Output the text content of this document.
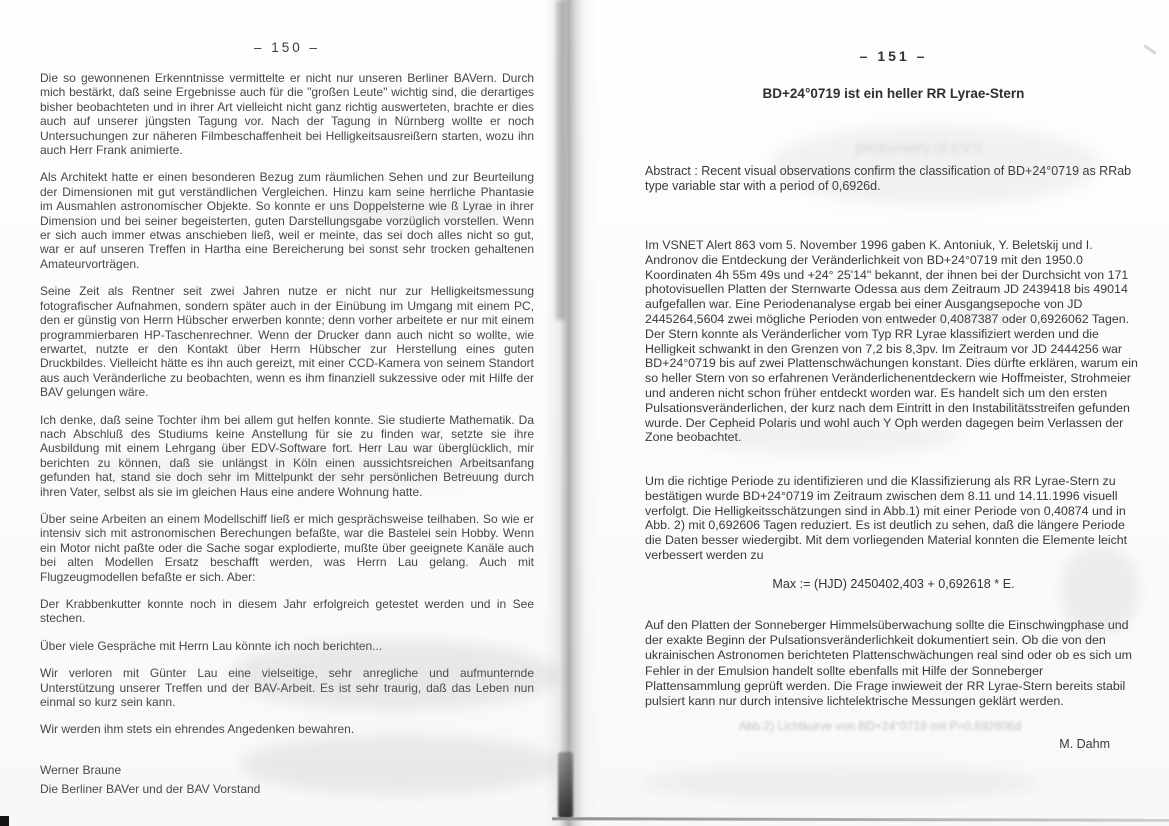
– 150 –

Die so gewonnenen Erkenntnisse vermittelte er nicht nur unseren Berliner BAVern. Durch mich bestärkt, daß seine Ergebnisse auch für die "großen Leute" wichtig sind, die derartiges bisher beobachteten und in ihrer Art vielleicht nicht ganz richtig auswerteten, brachte er dies auch auf unserer jüngsten Tagung vor. Nach der Tagung in Nürnberg wollte er noch Untersuchungen zur näheren Filmbeschaffenheit bei Helligkeitsausreißern starten, wozu ihn auch Herr Frank animierte.

Als Architekt hatte er einen besonderen Bezug zum räumlichen Sehen und zur Beurteilung der Dimensionen mit gut verständlichen Vergleichen. Hinzu kam seine herrliche Phantasie im Ausmahlen astronomischer Objekte. So konnte er uns Doppelsterne wie ß Lyrae in ihrer Dimension und bei seiner begeisterten, guten Darstellungsgabe vorzüglich vorstellen. Wenn er sich auch immer etwas anschieben ließ, weil er meinte, das sei doch alles nicht so gut, war er auf unseren Treffen in Hartha eine Bereicherung bei sonst sehr trocken gehaltenen Amateurvorträgen.

Seine Zeit als Rentner seit zwei Jahren nutze er nicht nur zur Helligkeitsmessung fotografischer Aufnahmen, sondern später auch in der Einübung im Umgang mit einem PC, den er günstig von Herrn Hübscher erwerben konnte; denn vorher arbeitete er nur mit einem programmierbaren HP-Taschenrechner. Wenn der Drucker dann auch nicht so wollte, wie erwartet, nutzte er den Kontakt über Herrn Hübscher zur Herstellung eines guten Druckbildes. Vielleicht hätte es ihn auch gereizt, mit einer CCD-Kamera von seinem Standort aus auch Veränderliche zu beobachten, wenn es ihm finanziell sukzessive oder mit Hilfe der BAV gelungen wäre.

Ich denke, daß seine Tochter ihm bei allem gut helfen konnte. Sie studierte Mathematik. Da nach Abschluß des Studiums keine Anstellung für sie zu finden war, setzte sie ihre Ausbildung mit einem Lehrgang über EDV-Software fort. Herr Lau war überglücklich, mir berichten zu können, daß sie unlängst in Köln einen aussichtsreichen Arbeitsanfang gefunden hat, stand sie doch sehr im Mittelpunkt der sehr persönlichen Betreuung durch ihren Vater, selbst als sie im gleichen Haus eine andere Wohnung hatte.

Über seine Arbeiten an einem Modellschiff ließ er mich gesprächsweise teilhaben. So wie er intensiv sich mit astronomischen Berechungen befaßte, war die Bastelei sein Hobby. Wenn ein Motor nicht paßte oder die Sache sogar explodierte, mußte über geeignete Kanäle auch bei alten Modellen Ersatz beschafft werden, was Herrn Lau gelang. Auch mit Flugzeugmodellen befaßte er sich. Aber:

Der Krabbenkutter konnte noch in diesem Jahr erfolgreich getestet werden und in See stechen.

Über viele Gespräche mit Herrn Lau könnte ich noch berichten...

Wir verloren mit Günter Lau eine vielseitige, sehr anregliche und aufmunternde Unterstützung unserer Treffen und der BAV-Arbeit. Es ist sehr traurig, daß das Leben nun einmal so kurz sein kann.

Wir werden ihm stets ein ehrendes Angedenken bewahren.

Werner Braune
Die Berliner BAVer und der BAV Vorstand
– 151 –
BD+24°0719 ist ein heller RR Lyrae-Stern
Abstract : Recent visual observations confirm the classification of BD+24°0719 as RRab type variable star with a period of 0,6926d.
Im VSNET Alert 863 vom 5. November 1996 gaben K. Antoniuk, Y. Beletskij und I. Andronov die Entdeckung der Veränderlichkeit von BD+24°0719 mit den 1950.0 Koordinaten 4h 55m 49s und +24° 25'14" bekannt, der ihnen bei der Durchsicht von 171 photovisuellen Platten der Sternwarte Odessa aus dem Zeitraum JD 2439418 bis 49014 aufgefallen war. Eine Periodenanalyse ergab bei einer Ausgangsepoche von JD 2445264,5604 zwei mögliche Perioden von entweder 0,4087387 oder 0,6926062 Tagen. Der Stern konnte als Veränderlicher vom Typ RR Lyrae klassifiziert werden und die Helligkeit schwankt in den Grenzen von 7,2 bis 8,3pv. Im Zeitraum vor JD 2444256 war BD+24°0719 bis auf zwei Plattenschwächungen konstant. Dies dürfte erklären, warum ein so heller Stern von so erfahrenen Veränderlichenentdeckern wie Hoffmeister, Strohmeier und anderen nicht schon früher entdeckt worden war. Es handelt sich um den ersten Pulsationsveränderlichen, der kurz nach dem Eintritt in den Instabilitätsstreifen gefunden wurde. Der Cepheid Polaris und wohl auch Y Oph werden dagegen beim Verlassen der Zone beobachtet.
Um die richtige Periode zu identifizieren und die Klassifizierung als RR Lyrae-Stern zu bestätigen wurde BD+24°0719 im Zeitraum zwischen dem 8.11 und 14.11.1996 visuell verfolgt. Die Helligkeitsschätzungen sind in Abb.1) mit einer Periode von 0,40874 und in Abb. 2) mit 0,692606 Tagen reduziert. Es ist deutlich zu sehen, daß die längere Periode die Daten besser wiedergibt. Mit dem vorliegenden Material konnten die Elemente leicht verbessert werden zu
Max := (HJD) 2450402,403 + 0,692618 * E.
Auf den Platten der Sonneberger Himmelsüberwachung sollte die Einschwingphase und der exakte Beginn der Pulsationsveränderlichkeit dokumentiert sein. Ob die von den ukrainischen Astronomen berichteten Plattenschwächungen real sind oder ob es sich um Fehler in der Emulsion handelt sollte ebenfalls mit Hilfe der Sonneberger Plattensammlung geprüft werden. Die Frage inwieweit der RR Lyrae-Stern bereits stabil pulsiert kann nur durch intensive lichtelektrische Messungen geklärt werden.
M. Dahm
photometry of CV's
Abb.2) Lichtkurve von BD+24°0719 mit P=0,692606d
